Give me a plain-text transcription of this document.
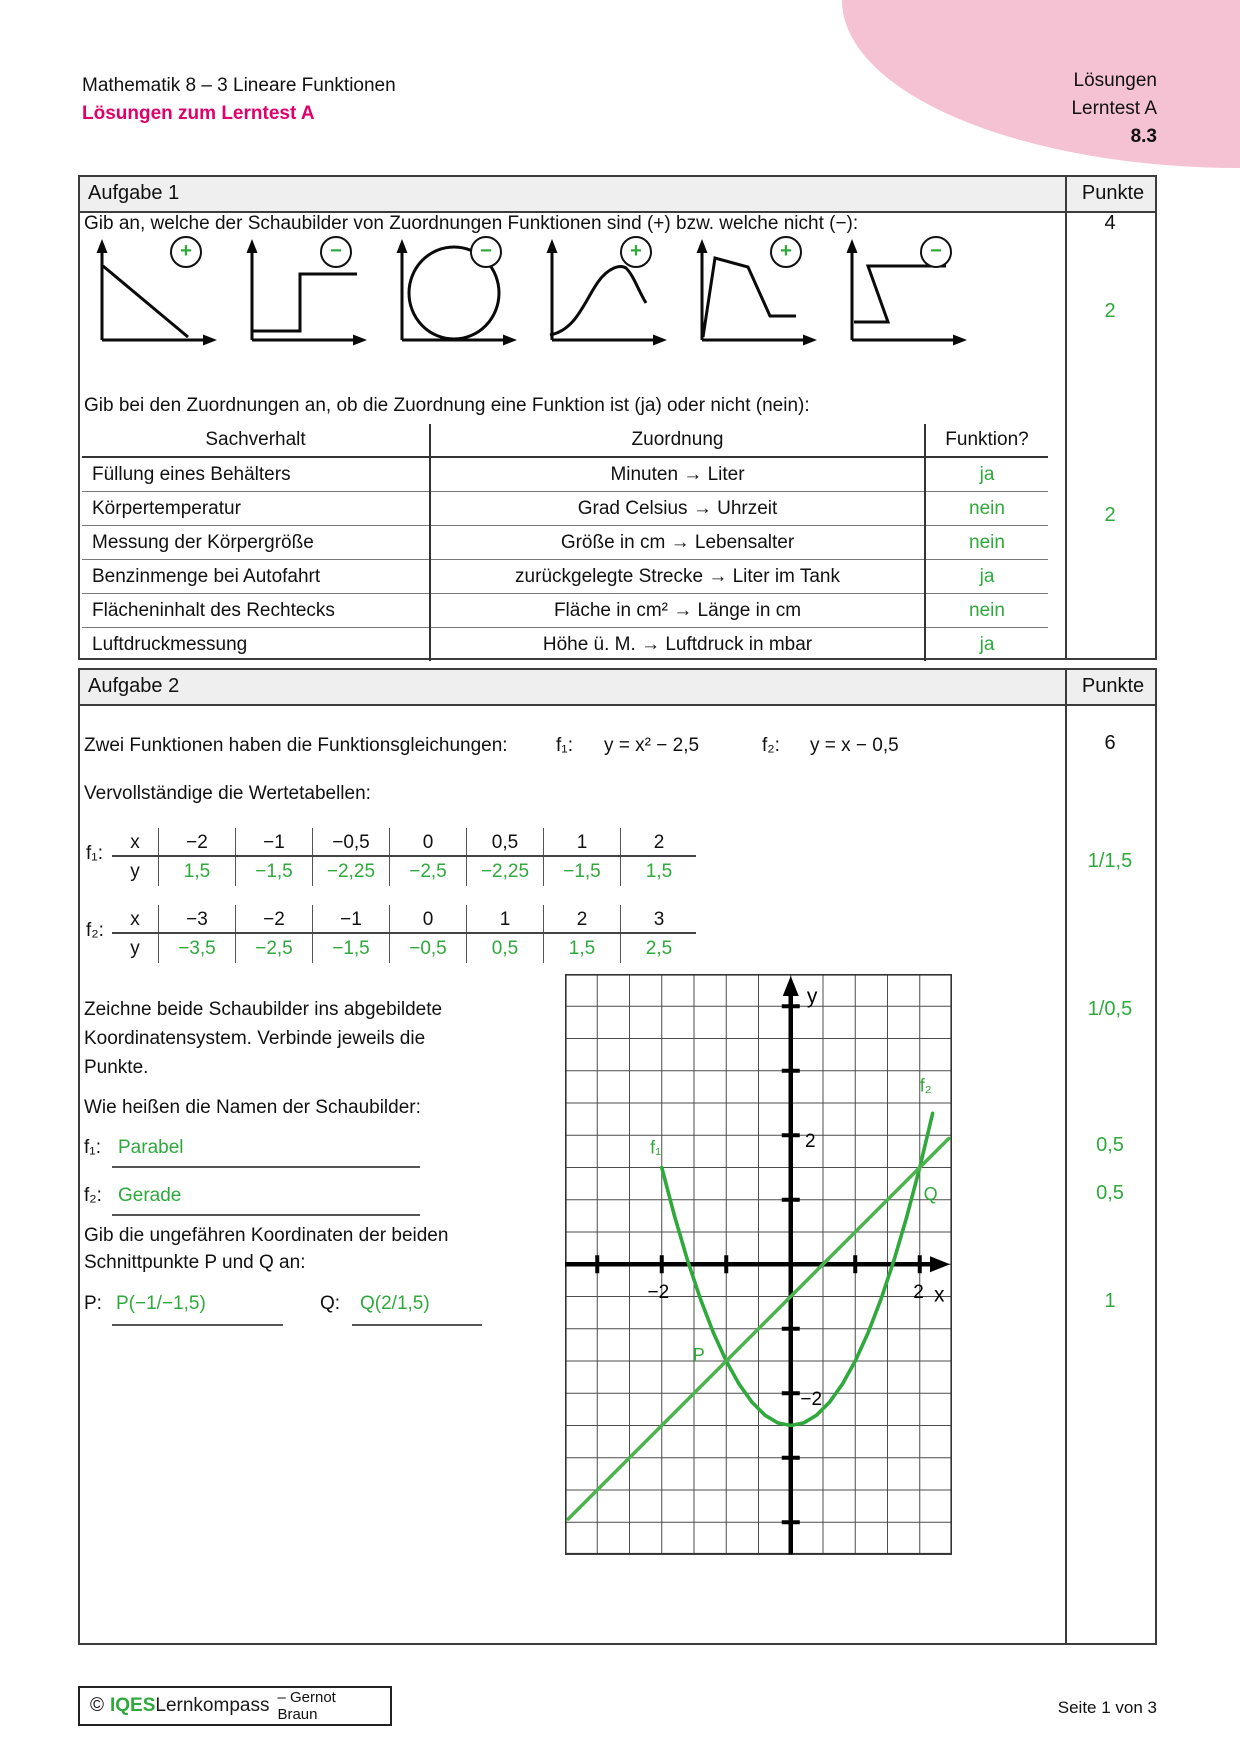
Mathematik 8 – 3 Lineare Funktionen
Lösungen zum Lerntest A
Lösungen
Lerntest A
8.3
Aufgabe 1	Punkte
Gib an, welche der Schaubilder von Zuordnungen Funktionen sind (+) bzw. welche nicht (−):	4
+	−	−	+	+	−
2
Gib bei den Zuordnungen an, ob die Zuordnung eine Funktion ist (ja) oder nicht (nein):
Sachverhalt	Zuordnung	Funktion?
Füllung eines Behälters	Minuten → Liter	ja
Körpertemperatur	Grad Celsius → Uhrzeit	nein
Messung der Körpergröße	Größe in cm → Lebensalter	nein
Benzinmenge bei Autofahrt	zurückgelegte Strecke → Liter im Tank	ja
Flächeninhalt des Rechtecks	Fläche in cm² → Länge in cm	nein
Luftdruckmessung	Höhe ü. M. → Luftdruck in mbar	ja
2
Aufgabe 2	Punkte
Zwei Funktionen haben die Funktionsgleichungen:	f₁: y = x² − 2,5	f₂: y = x − 0,5	6
Vervollständige die Wertetabellen:
f₁:
x	−2	−1	−0,5	0	0,5	1	2
y	1,5	−1,5	−2,25	−2,5	−2,25	−1,5	1,5	1/1,5
f₂:
x	−3	−2	−1	0	1	2	3
y	−3,5	−2,5	−1,5	−0,5	0,5	1,5	2,5
Zeichne beide Schaubilder ins abgebildete
Koordinatensystem. Verbinde jeweils die
Punkte.
1/0,5
Wie heißen die Namen der Schaubilder:
f₁: Parabel	0,5
f₂: Gerade	0,5
Gib die ungefähren Koordinaten der beiden
Schnittpunkte P und Q an:
P: P(−1/−1,5)	Q: Q(2/1,5)	1
y
2
−2
−2	2 x
f₁
f₂
P
Q
© IQES Lernkompass – Gernot Braun	Seite 1 von 3
